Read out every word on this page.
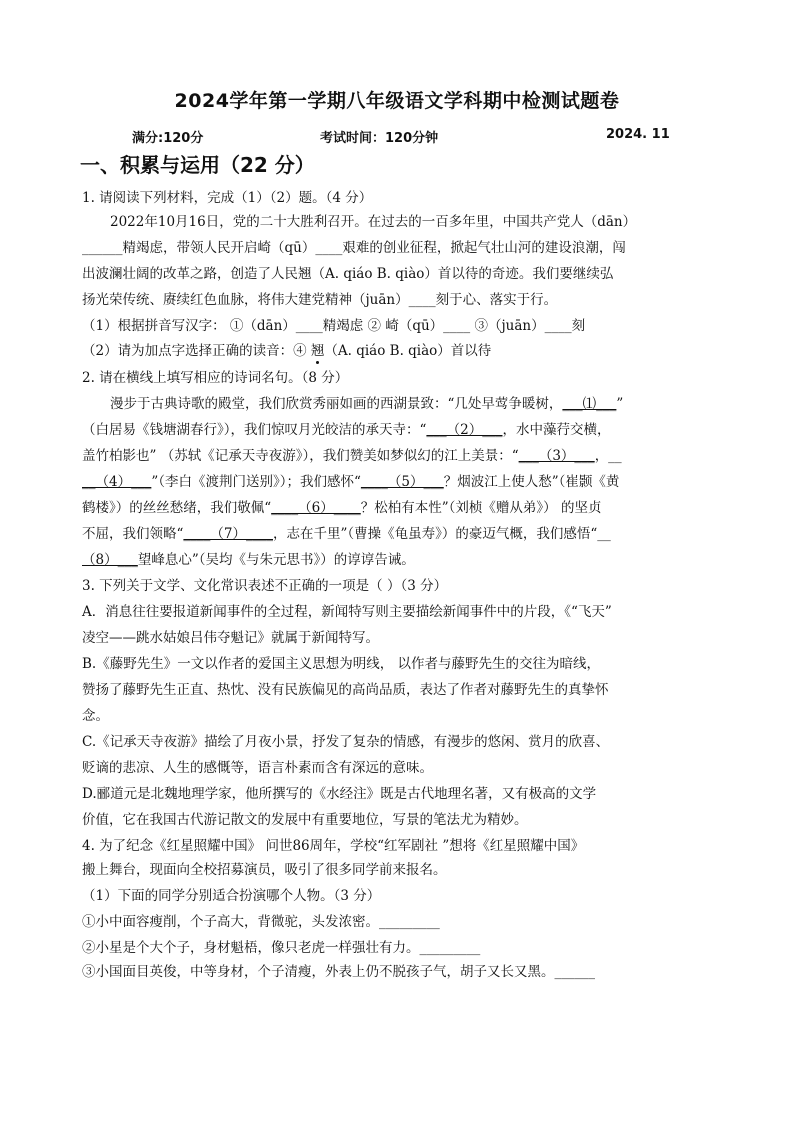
2024学年第一学期八年级语文学科期中检测试题卷
满分:120分	考试时间：120分钟	2024. 11
一、积累与运用（22 分）
1. 请阅读下列材料，完成（1）（2）题。（4 分）
2022年10月16日，党的二十大胜利召开。在过去的一百多年里，中国共产党人（dān）
______精竭虑，带领人民开启崎（qū）____艰难的创业征程，掀起气壮山河的建设浪潮，闯
出波澜壮阔的改革之路，创造了人民翘（A. qiáo B. qiào）首以待的奇迹。我们要继续弘
扬光荣传统、赓续红色血脉，将伟大建党精神（juān）____刻于心、落实于行。
（1）根据拼音写汉字： ①（dān）____精竭虑 ② 崎（qū）____ ③（juān）____刻
（2）请为加点字选择正确的读音：④ 翘（A. qiáo B. qiào）首以待
2. 请在横线上填写相应的诗词名句。（8 分）
漫步于古典诗歌的殿堂，我们欣赏秀丽如画的西湖景致：“几处早莺争暖树，___⑴___”
（白居易《钱塘湖春行》），我们惊叹月光皎洁的承天寺：“___（2）___，水中藻荇交横，
盖竹柏影也” （苏轼《记承天寺夜游》），我们赞美如梦似幻的江上美景：“___（3）___，__
__（4）___”（李白《渡荆门送别》）；我们感怀“____（5）___？烟波江上使人愁”（崔颢《黄
鹤楼》）的丝丝愁绪，我们敬佩“____（6）____？松柏有本性”（刘桢《赠从弟》） 的坚贞
不屈，我们领略“____（7）____，志在千里”（曹操《龟虽寿》）的豪迈气概，我们感悟“__
（8）___望峰息心”（吴均《与朱元思书》）的谆谆告诫。
3. 下列关于文学、文化常识表述不正确的一项是（ ）（3 分）
A．消息往往要报道新闻事件的全过程，新闻特写则主要描绘新闻事件中的片段，《“飞天”
凌空——跳水姑娘吕伟夺魁记》就属于新闻特写。
B.《藤野先生》一文以作者的爱国主义思想为明线， 以作者与藤野先生的交往为暗线，
赞扬了藤野先生正直、热忱、没有民族偏见的高尚品质，表达了作者对藤野先生的真挚怀
念。
C.《记承天寺夜游》描绘了月夜小景，抒发了复杂的情感，有漫步的悠闲、赏月的欣喜、
贬谪的悲凉、人生的感慨等，语言朴素而含有深远的意味。
D.郦道元是北魏地理学家，他所撰写的《水经注》既是古代地理名著，又有极高的文学
价值，它在我国古代游记散文的发展中有重要地位，写景的笔法尤为精妙。
4. 为了纪念《红星照耀中国》 问世86周年，学校“红军剧社 ”想将《红星照耀中国》
搬上舞台，现面向全校招募演员，吸引了很多同学前来报名。
（1）下面的同学分别适合扮演哪个人物。（3 分）
①小中面容瘦削，个子高大，背微驼，头发浓密。_________
②小星是个大个子，身材魁梧，像只老虎一样强壮有力。_________
③小国面目英俊，中等身材，个子清瘦，外表上仍不脱孩子气，胡子又长又黑。______
